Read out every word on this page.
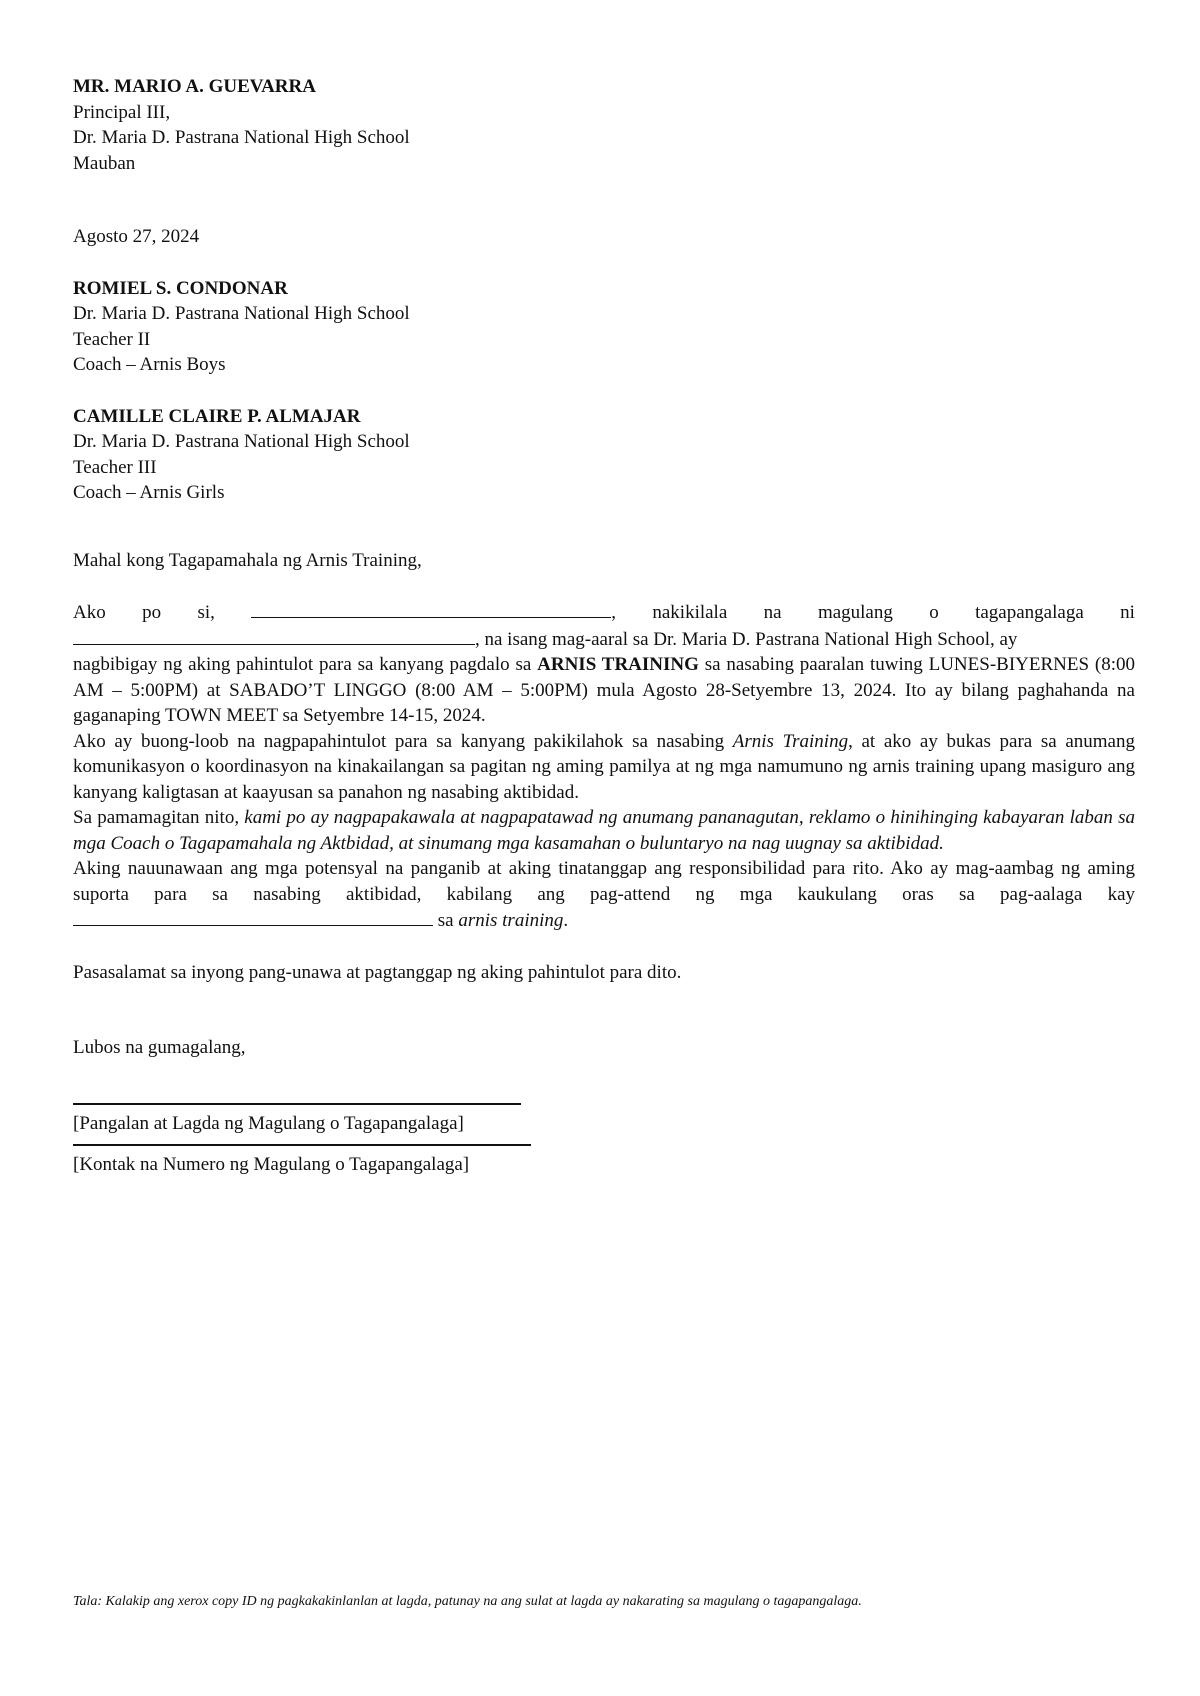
MR. MARIO A. GUEVARRA
Principal III,
Dr. Maria D. Pastrana National High School
Mauban
Agosto 27, 2024
ROMIEL S. CONDONAR
Dr. Maria D. Pastrana National High School
Teacher II
Coach – Arnis Boys
CAMILLE CLAIRE P. ALMAJAR
Dr. Maria D. Pastrana National High School
Teacher III
Coach – Arnis Girls
Mahal kong Tagapamahala ng Arnis Training,
Ako po si,	, nakikilala na magulang o tagapangalaga ni
, na isang mag-aaral sa Dr. Maria D. Pastrana National High School, ay

nagbibigay ng aking pahintulot para sa kanyang pagdalo sa ARNIS TRAINING sa nasabing paaralan tuwing LUNES-BIYERNES (8:00 AM – 5:00PM) at SABADO’T LINGGO (8:00 AM – 5:00PM) mula Agosto 28-Setyembre 13, 2024. Ito ay bilang paghahanda na gaganaping TOWN MEET sa Setyembre 14-15, 2024.

Ako ay buong-loob na nagpapahintulot para sa kanyang pakikilahok sa nasabing Arnis Training, at ako ay bukas para sa anumang komunikasyon o koordinasyon na kinakailangan sa pagitan ng aming pamilya at ng mga namumuno ng arnis training upang masiguro ang kanyang kaligtasan at kaayusan sa panahon ng nasabing aktibidad.

Sa pamamagitan nito, kami po ay nagpapakawala at nagpapatawad ng anumang pananagutan, reklamo o hinihinging kabayaran laban sa mga Coach o Tagapamahala ng Aktbidad, at sinumang mga kasamahan o buluntaryo na nag uugnay sa aktibidad.

Aking nauunawaan ang mga potensyal na panganib at aking tinatanggap ang responsibilidad para rito. Ako ay mag-aambag ng aming suporta para sa nasabing aktibidad, kabilang ang pag-attend ng mga kaukulang oras sa pag-aalaga kay sa arnis training.

Pasasalamat sa inyong pang-unawa at pagtanggap ng aking pahintulot para dito.
Lubos na gumagalang,
[Pangalan at Lagda ng Magulang o Tagapangalaga]
[Kontak na Numero ng Magulang o Tagapangalaga]
Tala: Kalakip ang xerox copy ID ng pagkakakinlanlan at lagda, patunay na ang sulat at lagda ay nakarating sa magulang o tagapangalaga.
